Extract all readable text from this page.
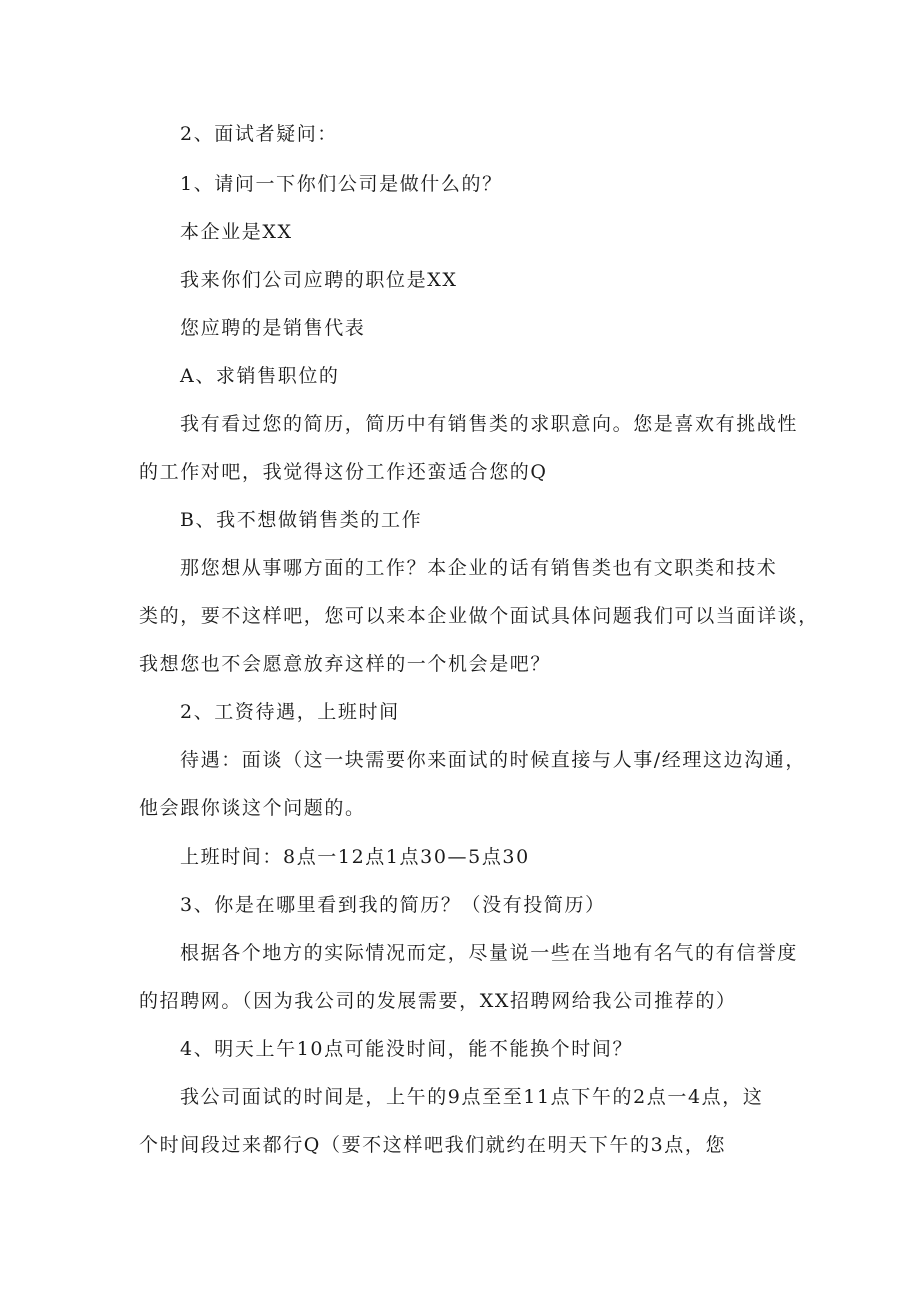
2、面试者疑问：
1、请问一下你们公司是做什么的？
本企业是XX
我来你们公司应聘的职位是XX
您应聘的是销售代表
A、求销售职位的
我有看过您的简历，简历中有销售类的求职意向。您是喜欢有挑战性
的工作对吧，我觉得这份工作还蛮适合您的Q
B、我不想做销售类的工作
那您想从事哪方面的工作？本企业的话有销售类也有文职类和技术
类的，要不这样吧，您可以来本企业做个面试具体问题我们可以当面详谈，
我想您也不会愿意放弃这样的一个机会是吧？
2、工资待遇，上班时间
待遇：面谈（这一块需要你来面试的时候直接与人事/经理这边沟通，
他会跟你谈这个问题的。
上班时间：8点一12点1点30—5点30
3、你是在哪里看到我的简历？（没有投简历）
根据各个地方的实际情况而定，尽量说一些在当地有名气的有信誉度
的招聘网。（因为我公司的发展需要，XX招聘网给我公司推荐的）
4、明天上午10点可能没时间，能不能换个时间？
我公司面试的时间是，上午的9点至至11点下午的2点一4点，这
个时间段过来都行Q（要不这样吧我们就约在明天下午的3点，您
